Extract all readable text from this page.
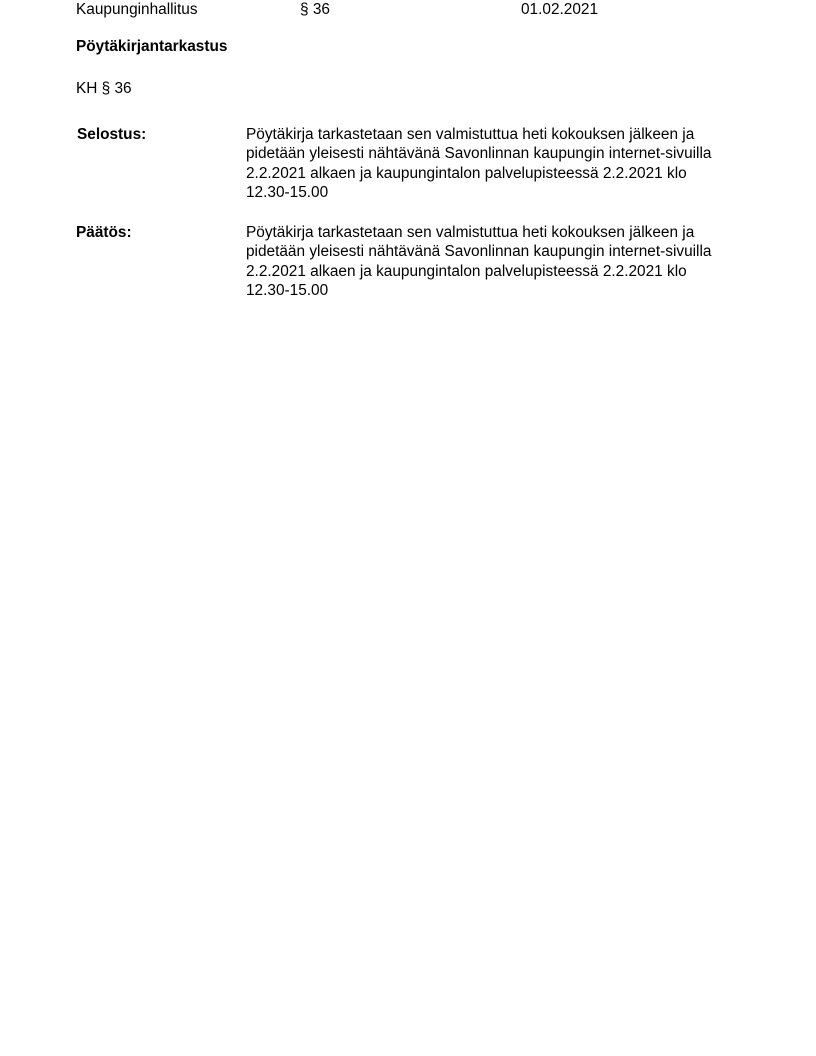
Kaupunginhallitus	§ 36	01.02.2021
Pöytäkirjantarkastus
KH § 36
Selostus:	Pöytäkirja tarkastetaan sen valmistuttua heti kokouksen jälkeen ja
pidetään yleisesti nähtävänä Savonlinnan kaupungin internet-sivuilla
2.2.2021 alkaen ja kaupungintalon palvelupisteessä 2.2.2021 klo
12.30-15.00
Päätös:	Pöytäkirja tarkastetaan sen valmistuttua heti kokouksen jälkeen ja
pidetään yleisesti nähtävänä Savonlinnan kaupungin internet-sivuilla
2.2.2021 alkaen ja kaupungintalon palvelupisteessä 2.2.2021 klo
12.30-15.00
